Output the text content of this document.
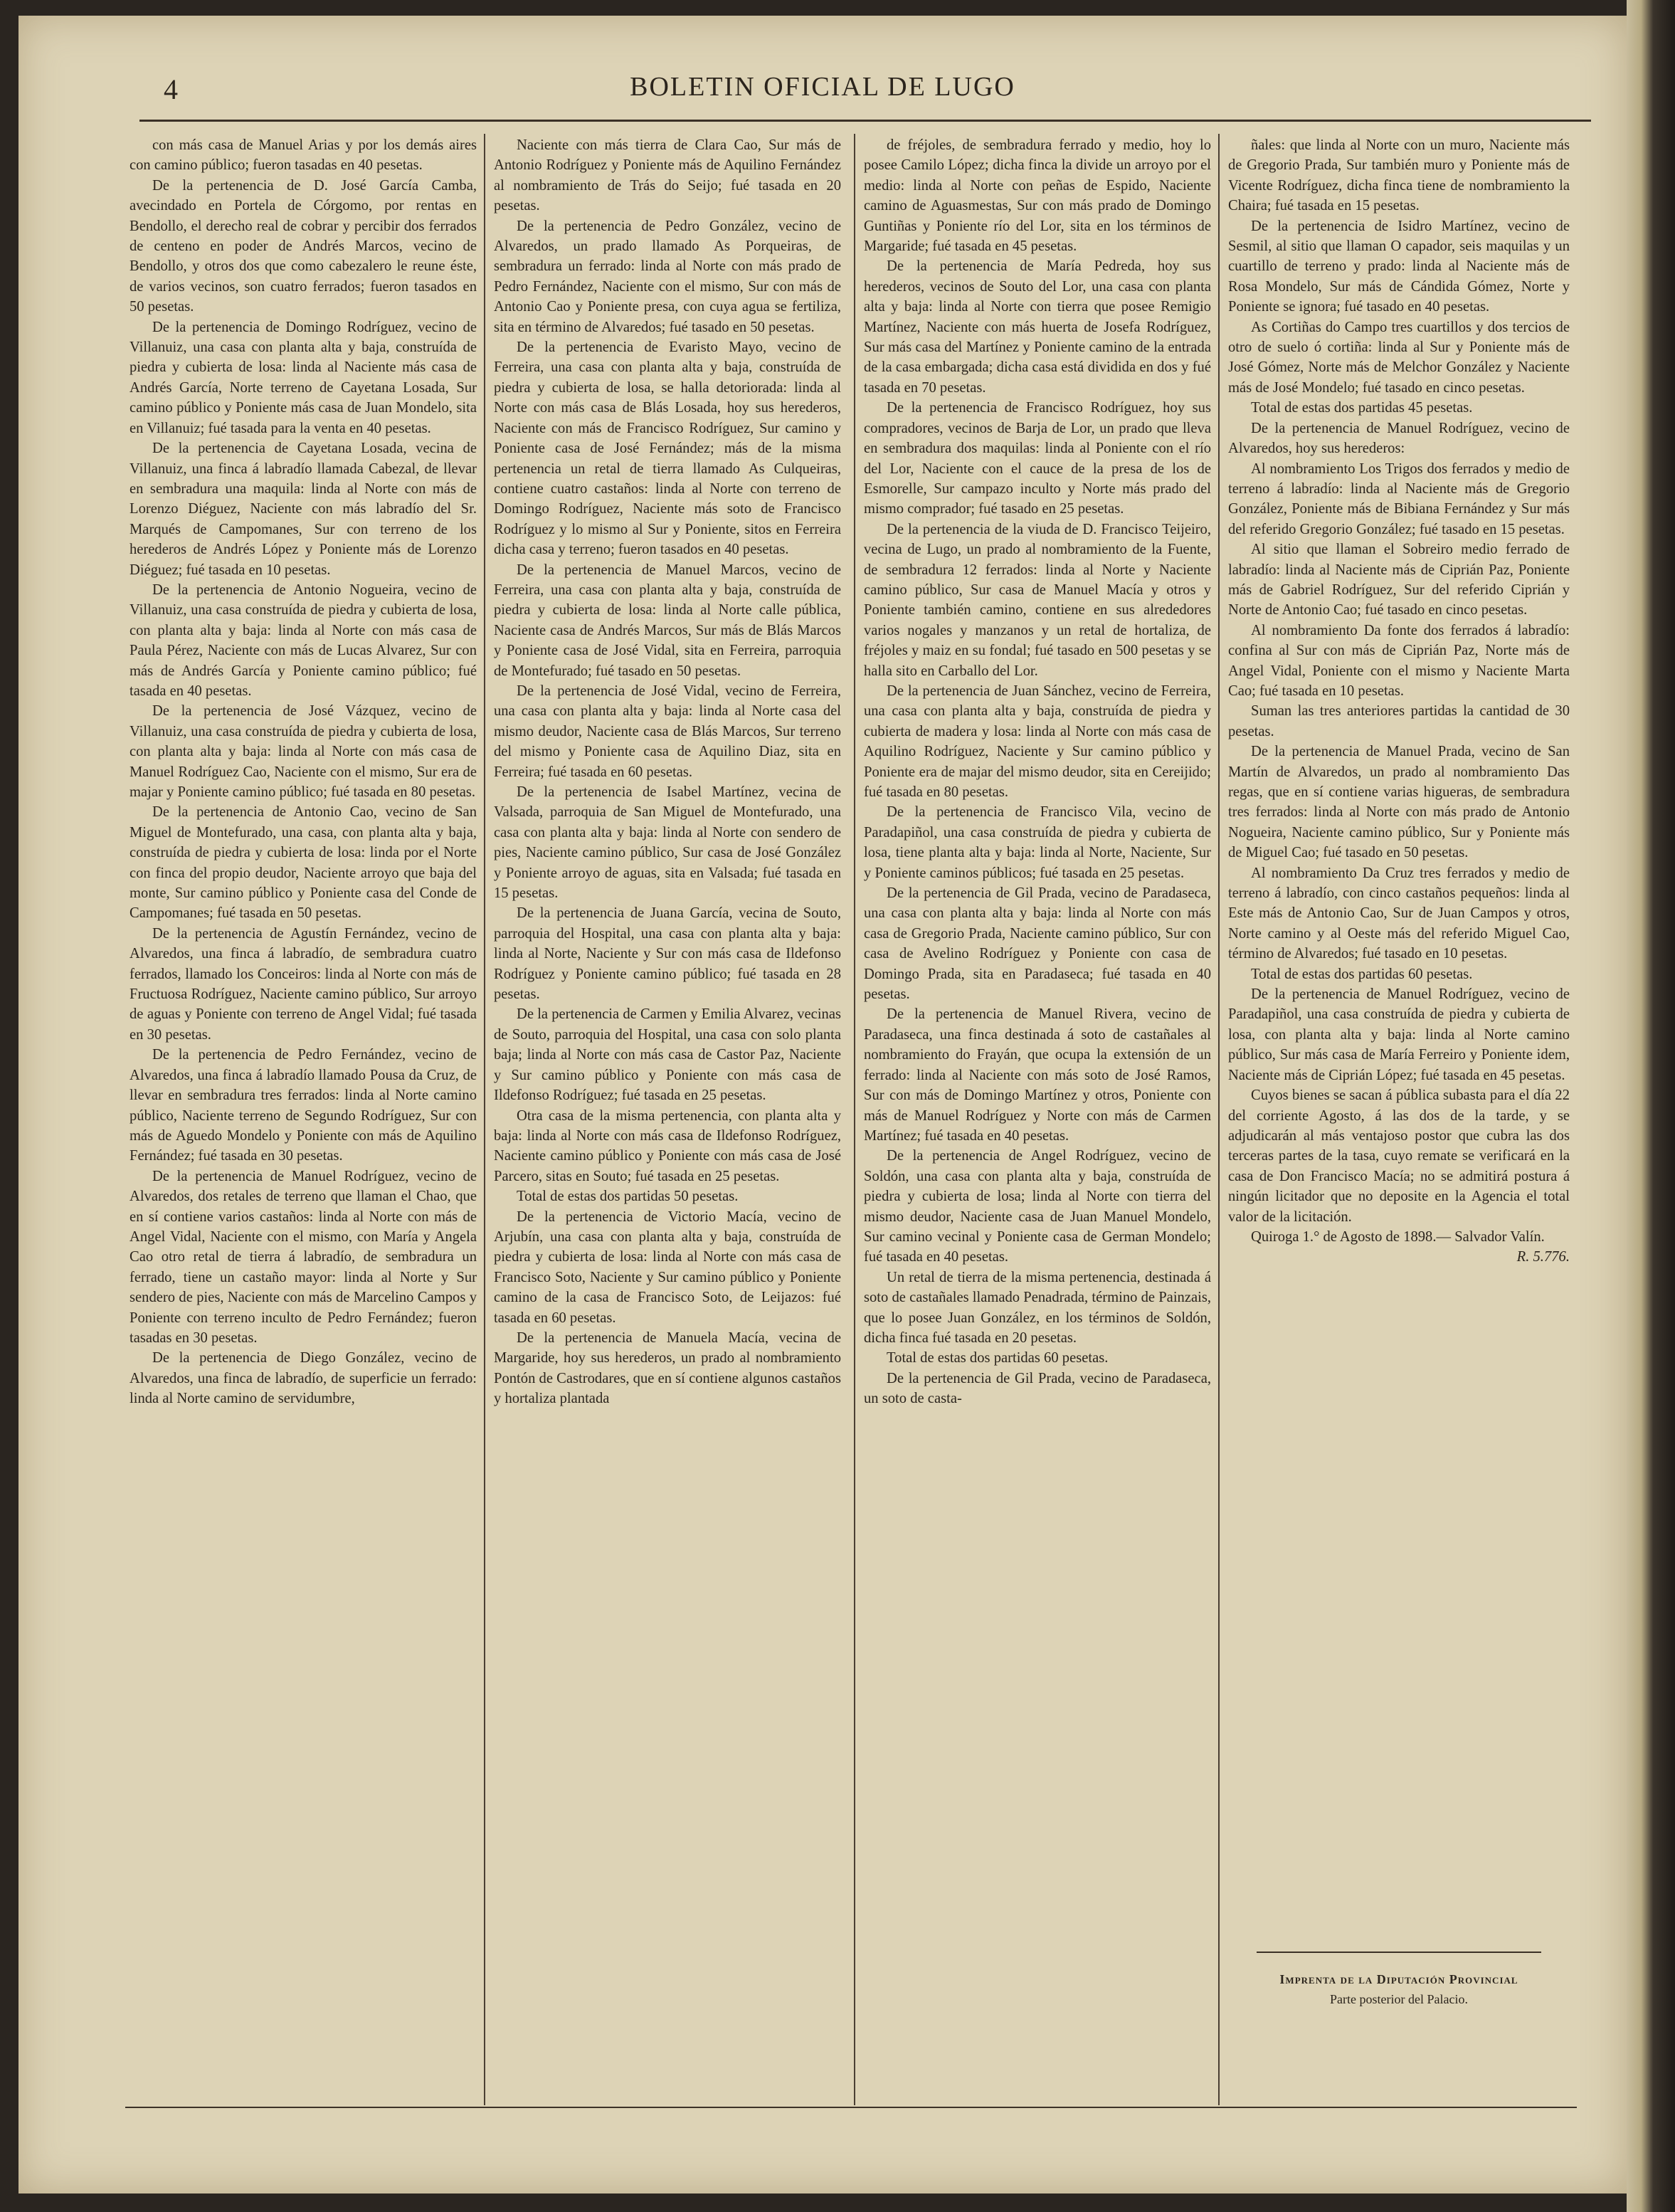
4	BOLETIN OFICIAL DE LUGO

con más casa de Manuel Arias y por los demás aires con camino público; fueron tasadas en 40 pesetas.

De la pertenencia de D. José García Camba, avecindado en Portela de Córgomo, por rentas en Bendollo, el derecho real de cobrar y percibir dos ferrados de centeno en poder de Andrés Marcos, vecino de Bendollo, y otros dos que como cabezalero le reune éste, de varios vecinos, son cuatro ferrados; fueron tasados en 50 pesetas.

De la pertenencia de Domingo Rodríguez, vecino de Villanuiz, una casa con planta alta y baja, construída de piedra y cubierta de losa: linda al Naciente más casa de Andrés García, Norte terreno de Cayetana Losada, Sur camino público y Poniente más casa de Juan Mondelo, sita en Villanuiz; fué tasada para la venta en 40 pesetas.

De la pertenencia de Cayetana Losada, vecina de Villanuiz, una finca á labradío llamada Cabezal, de llevar en sembradura una maquila: linda al Norte con más de Lorenzo Diéguez, Naciente con más labradío del Sr. Marqués de Campomanes, Sur con terreno de los herederos de Andrés López y Poniente más de Lorenzo Diéguez; fué tasada en 10 pesetas.

De la pertenencia de Antonio Nogueira, vecino de Villanuiz, una casa construída de piedra y cubierta de losa, con planta alta y baja: linda al Norte con más casa de Paula Pérez, Naciente con más de Lucas Alvarez, Sur con más de Andrés García y Poniente camino público; fué tasada en 40 pesetas.

De la pertenencia de José Vázquez, vecino de Villanuiz, una casa construída de piedra y cubierta de losa, con planta alta y baja: linda al Norte con más casa de Manuel Rodríguez Cao, Naciente con el mismo, Sur era de majar y Poniente camino público; fué tasada en 80 pesetas.

De la pertenencia de Antonio Cao, vecino de San Miguel de Montefurado, una casa, con planta alta y baja, construída de piedra y cubierta de losa: linda por el Norte con finca del propio deudor, Naciente arroyo que baja del monte, Sur camino público y Poniente casa del Conde de Campomanes; fué tasada en 50 pesetas.

De la pertenencia de Agustín Fernández, vecino de Alvaredos, una finca á labradío, de sembradura cuatro ferrados, llamado los Conceiros: linda al Norte con más de Fructuosa Rodríguez, Naciente camino público, Sur arroyo de aguas y Poniente con terreno de Angel Vidal; fué tasada en 30 pesetas.

De la pertenencia de Pedro Fernández, vecino de Alvaredos, una finca á labradío llamado Pousa da Cruz, de llevar en sembradura tres ferrados: linda al Norte camino público, Naciente terreno de Segundo Rodríguez, Sur con más de Aguedo Mondelo y Poniente con más de Aquilino Fernández; fué tasada en 30 pesetas.

De la pertenencia de Manuel Rodríguez, vecino de Alvaredos, dos retales de terreno que llaman el Chao, que en sí contiene varios castaños: linda al Norte con más de Angel Vidal, Naciente con el mismo, con María y Angela Cao otro retal de tierra á labradío, de sembradura un ferrado, tiene un castaño mayor: linda al Norte y Sur sendero de pies, Naciente con más de Marcelino Campos y Poniente con terreno inculto de Pedro Fernández; fueron tasadas en 30 pesetas.

De la pertenencia de Diego González, vecino de Alvaredos, una finca de labradío, de superficie un ferrado: linda al Norte camino de servidumbre,

Naciente con más tierra de Clara Cao, Sur más de Antonio Rodríguez y Poniente más de Aquilino Fernández al nombramiento de Trás do Seijo; fué tasada en 20 pesetas.

De la pertenencia de Pedro González, vecino de Alvaredos, un prado llamado As Porqueiras, de sembradura un ferrado: linda al Norte con más prado de Pedro Fernández, Naciente con el mismo, Sur con más de Antonio Cao y Poniente presa, con cuya agua se fertiliza, sita en término de Alvaredos; fué tasado en 50 pesetas.

De la pertenencia de Evaristo Mayo, vecino de Ferreira, una casa con planta alta y baja, construída de piedra y cubierta de losa, se halla detoriorada: linda al Norte con más casa de Blás Losada, hoy sus herederos, Naciente con más de Francisco Rodríguez, Sur camino y Poniente casa de José Fernández; más de la misma pertenencia un retal de tierra llamado As Culqueiras, contiene cuatro castaños: linda al Norte con terreno de Domingo Rodríguez, Naciente más soto de Francisco Rodríguez y lo mismo al Sur y Poniente, sitos en Ferreira dicha casa y terreno; fueron tasados en 40 pesetas.

De la pertenencia de Manuel Marcos, vecino de Ferreira, una casa con planta alta y baja, construída de piedra y cubierta de losa: linda al Norte calle pública, Naciente casa de Andrés Marcos, Sur más de Blás Marcos y Poniente casa de José Vidal, sita en Ferreira, parroquia de Montefurado; fué tasado en 50 pesetas.

De la pertenencia de José Vidal, vecino de Ferreira, una casa con planta alta y baja: linda al Norte casa del mismo deudor, Naciente casa de Blás Marcos, Sur terreno del mismo y Poniente casa de Aquilino Diaz, sita en Ferreira; fué tasada en 60 pesetas.

De la pertenencia de Isabel Martínez, vecina de Valsada, parroquia de San Miguel de Montefurado, una casa con planta alta y baja: linda al Norte con sendero de pies, Naciente camino público, Sur casa de José González y Poniente arroyo de aguas, sita en Valsada; fué tasada en 15 pesetas.

De la pertenencia de Juana García, vecina de Souto, parroquia del Hospital, una casa con planta alta y baja: linda al Norte, Naciente y Sur con más casa de Ildefonso Rodríguez y Poniente camino público; fué tasada en 28 pesetas.

De la pertenencia de Carmen y Emilia Alvarez, vecinas de Souto, parroquia del Hospital, una casa con solo planta baja; linda al Norte con más casa de Castor Paz, Naciente y Sur camino público y Poniente con más casa de Ildefonso Rodríguez; fué tasada en 25 pesetas.

Otra casa de la misma pertenencia, con planta alta y baja: linda al Norte con más casa de Ildefonso Rodríguez, Naciente camino público y Poniente con más casa de José Parcero, sitas en Souto; fué tasada en 25 pesetas.

Total de estas dos partidas 50 pesetas.

De la pertenencia de Victorio Macía, vecino de Arjubín, una casa con planta alta y baja, construída de piedra y cubierta de losa: linda al Norte con más casa de Francisco Soto, Naciente y Sur camino público y Poniente camino de la casa de Francisco Soto, de Leijazos: fué tasada en 60 pesetas.

De la pertenencia de Manuela Macía, vecina de Margaride, hoy sus herederos, un prado al nombramiento Pontón de Castrodares, que en sí contiene algunos castaños y hortaliza plantada

de fréjoles, de sembradura ferrado y medio, hoy lo posee Camilo López; dicha finca la divide un arroyo por el medio: linda al Norte con peñas de Espido, Naciente camino de Aguasmestas, Sur con más prado de Domingo Guntiñas y Poniente río del Lor, sita en los términos de Margaride; fué tasada en 45 pesetas.

De la pertenencia de María Pedreda, hoy sus herederos, vecinos de Souto del Lor, una casa con planta alta y baja: linda al Norte con tierra que posee Remigio Martínez, Naciente con más huerta de Josefa Rodríguez, Sur más casa del Martínez y Poniente camino de la entrada de la casa embargada; dicha casa está dividida en dos y fué tasada en 70 pesetas.

De la pertenencia de Francisco Rodríguez, hoy sus compradores, vecinos de Barja de Lor, un prado que lleva en sembradura dos maquilas: linda al Poniente con el río del Lor, Naciente con el cauce de la presa de los de Esmorelle, Sur campazo inculto y Norte más prado del mismo comprador; fué tasado en 25 pesetas.

De la pertenencia de la viuda de D. Francisco Teijeiro, vecina de Lugo, un prado al nombramiento de la Fuente, de sembradura 12 ferrados: linda al Norte y Naciente camino público, Sur casa de Manuel Macía y otros y Poniente también camino, contiene en sus alrededores varios nogales y manzanos y un retal de hortaliza, de fréjoles y maiz en su fondal; fué tasado en 500 pesetas y se halla sito en Carballo del Lor.

De la pertenencia de Juan Sánchez, vecino de Ferreira, una casa con planta alta y baja, construída de piedra y cubierta de madera y losa: linda al Norte con más casa de Aquilino Rodríguez, Naciente y Sur camino público y Poniente era de majar del mismo deudor, sita en Cereijido; fué tasada en 80 pesetas.

De la pertenencia de Francisco Vila, vecino de Paradapiñol, una casa construída de piedra y cubierta de losa, tiene planta alta y baja: linda al Norte, Naciente, Sur y Poniente caminos públicos; fué tasada en 25 pesetas.

De la pertenencia de Gil Prada, vecino de Paradaseca, una casa con planta alta y baja: linda al Norte con más casa de Gregorio Prada, Naciente camino público, Sur con casa de Avelino Rodríguez y Poniente con casa de Domingo Prada, sita en Paradaseca; fué tasada en 40 pesetas.

De la pertenencia de Manuel Rivera, vecino de Paradaseca, una finca destinada á soto de castañales al nombramiento do Frayán, que ocupa la extensión de un ferrado: linda al Naciente con más soto de José Ramos, Sur con más de Domingo Martínez y otros, Poniente con más de Manuel Rodríguez y Norte con más de Carmen Martínez; fué tasada en 40 pesetas.

De la pertenencia de Angel Rodríguez, vecino de Soldón, una casa con planta alta y baja, construída de piedra y cubierta de losa; linda al Norte con tierra del mismo deudor, Naciente casa de Juan Manuel Mondelo, Sur camino vecinal y Poniente casa de German Mondelo; fué tasada en 40 pesetas.

Un retal de tierra de la misma pertenencia, destinada á soto de castañales llamado Penadrada, término de Painzais, que lo posee Juan González, en los términos de Soldón, dicha finca fué tasada en 20 pesetas.

Total de estas dos partidas 60 pesetas.

De la pertenencia de Gil Prada, vecino de Paradaseca, un soto de casta-

ñales: que linda al Norte con un muro, Naciente más de Gregorio Prada, Sur también muro y Poniente más de Vicente Rodríguez, dicha finca tiene de nombramiento la Chaira; fué tasada en 15 pesetas.

De la pertenencia de Isidro Martínez, vecino de Sesmil, al sitio que llaman O capador, seis maquilas y un cuartillo de terreno y prado: linda al Naciente más de Rosa Mondelo, Sur más de Cándida Gómez, Norte y Poniente se ignora; fué tasado en 40 pesetas.

As Cortiñas do Campo tres cuartillos y dos tercios de otro de suelo ó cortiña: linda al Sur y Poniente más de José Gómez, Norte más de Melchor González y Naciente más de José Mondelo; fué tasado en cinco pesetas.

Total de estas dos partidas 45 pesetas.

De la pertenencia de Manuel Rodríguez, vecino de Alvaredos, hoy sus herederos:

Al nombramiento Los Trigos dos ferrados y medio de terreno á labradío: linda al Naciente más de Gregorio González, Poniente más de Bibiana Fernández y Sur más del referido Gregorio González; fué tasado en 15 pesetas.

Al sitio que llaman el Sobreiro medio ferrado de labradío: linda al Naciente más de Ciprián Paz, Poniente más de Gabriel Rodríguez, Sur del referido Ciprián y Norte de Antonio Cao; fué tasado en cinco pesetas.

Al nombramiento Da fonte dos ferrados á labradío: confina al Sur con más de Ciprián Paz, Norte más de Angel Vidal, Poniente con el mismo y Naciente Marta Cao; fué tasada en 10 pesetas.

Suman las tres anteriores partidas la cantidad de 30 pesetas.

De la pertenencia de Manuel Prada, vecino de San Martín de Alvaredos, un prado al nombramiento Das regas, que en sí contiene varias higueras, de sembradura tres ferrados: linda al Norte con más prado de Antonio Nogueira, Naciente camino público, Sur y Poniente más de Miguel Cao; fué tasado en 50 pesetas.

Al nombramiento Da Cruz tres ferrados y medio de terreno á labradío, con cinco castaños pequeños: linda al Este más de Antonio Cao, Sur de Juan Campos y otros, Norte camino y al Oeste más del referido Miguel Cao, término de Alvaredos; fué tasado en 10 pesetas.

Total de estas dos partidas 60 pesetas.

De la pertenencia de Manuel Rodríguez, vecino de Paradapiñol, una casa construída de piedra y cubierta de losa, con planta alta y baja: linda al Norte camino público, Sur más casa de María Ferreiro y Poniente idem, Naciente más de Ciprián López; fué tasada en 45 pesetas.

Cuyos bienes se sacan á pública subasta para el día 22 del corriente Agosto, á las dos de la tarde, y se adjudicarán al más ventajoso postor que cubra las dos terceras partes de la tasa, cuyo remate se verificará en la casa de Don Francisco Macía; no se admitirá postura á ningún licitador que no deposite en la Agencia el total valor de la licitación.

Quiroga 1.° de Agosto de 1898.— Salvador Valín.

R. 5.776.

Imprenta de la Diputación Provincial
Parte posterior del Palacio.
